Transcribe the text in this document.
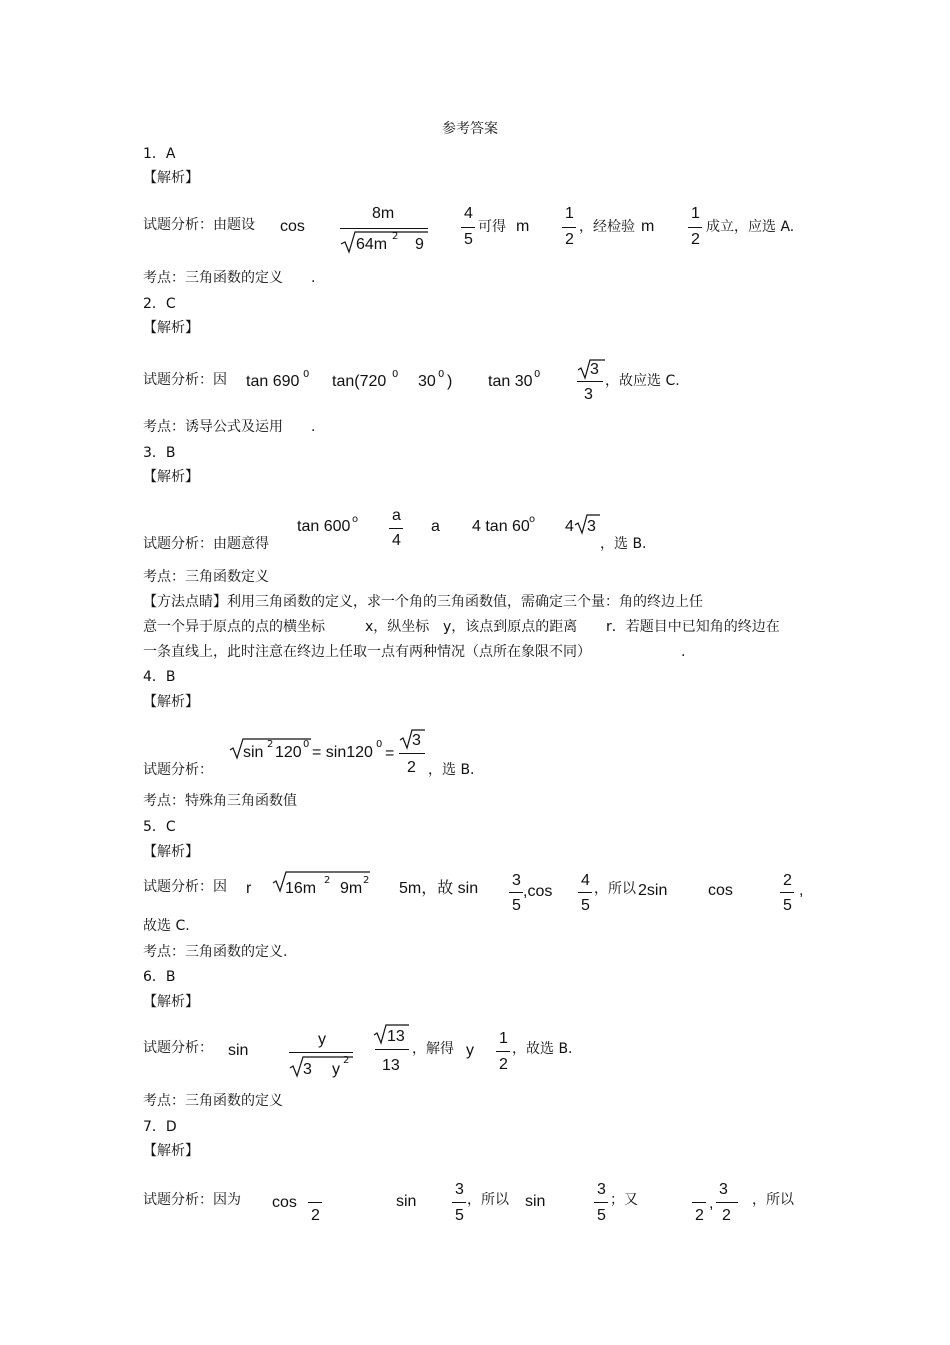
参考答案
1．A
【解析】
试题分析：由题设 cos
8m
64m 2 9
4
5
可得 m
1
2
，经检验 m
1
2
成立，应选 A.
考点：三角函数的定义 .
2．C
【解析】
试题分析：因 tan 690 0 tan(720 0 30 0 ) tan 30 0	3
3
，故应选 C.
考点：诱导公式及运用 .
3．B
【解析】
tan 600 o a
4
a 4 tan 60 o 4 3
试题分析：由题意得	，选 B.
考点：三角函数定义
【方法点睛】利用三角函数的定义，求一个角的三角函数值，需确定三个量：角的终边上任
意一个异于原点的点的横坐标	x，纵坐标 y，该点到原点的距离 r．若题目中已知角的终边在
一条直线上，此时注意在终边上任取一点有两种情况（点所在象限不同）	.
4．B
【解析】
sin 2 120 0 = sin120 0
=
3
2
试题分析：	，选 B.
考点：特殊角三角函数值
5．C
【解析】
试题分析：因 r 16m 2 9m 2 5m，故 sin 3
5
,cos
4
5
，所以 2sin	cos
2
5
,
故选 C.
考点：三角函数的定义.
6．B
【解析】
试题分析： sin
y
3 y
2
13
13
，解得 y
1
2
，故选 B.
考点：三角函数的定义
7．D
【解析】
试题分析：因为 cos
2
sin
3
5
，所以 sin
3
5
；又
2
,
3
2
，所以
